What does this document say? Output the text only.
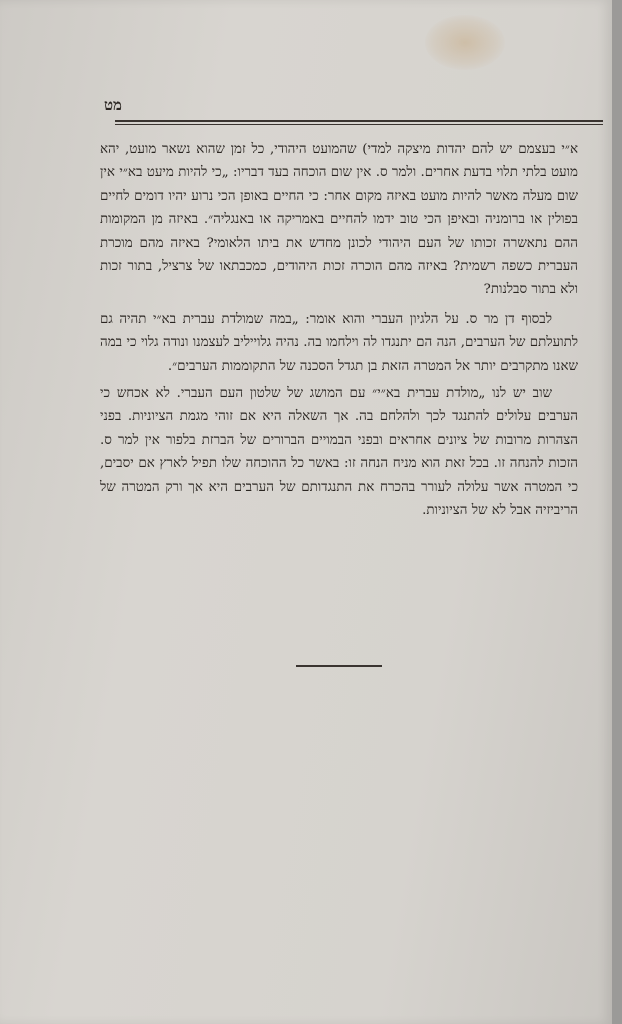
מט

א״י בעצמם יש להם יהדות מיצקה למדי) שהמועט היהודי, כל זמן שהוא נשאר מועט, יהא מועט בלתי תלוי בדעת אחרים. ולמר ס. אין שום הוכחה בעד דבריו: „כי להיות מיעט בא״י אין שום מעלה מאשר להיות מועט באיזה מקום אחר: כי החיים באופן הכי נרוע יהיו דומים לחיים בפולין או ברומניה ובאיפן הכי טוב ידמו להחיים באמריקה או באנגליה״. באיזה מן המקומות ההם נתאשרה זכותו של העם היהודי לכונן מחדש את ביתו הלאומי? באיזה מהם מוכרת העברית כשפה רשמית? באיזה מהם הוכרה זכות היהודים, כמכבתאו של צרציל, בתור זכות ולא בתור סבלנות?

לבסוף דן מר ס. על הלגיון העברי והוא אומר: „במה שמולדת עברית בא״י תהיה גם לתועלתם של הערבים, הנה הם יתנגדו לה וילחמו בה. נהיה גלוייליב לעצמנו ונודה גלוי כי במה שאנו מתקרבים יותר אל המטרה הזאת בן תגדל הסכנה של התקוממות הערבים״.

שוב יש לנו „מולדת עברית בא״י״ עם המושג של שלטון העם העברי. לא אכחש כי הערבים עלולים להתנגד לכך ולהלחם בה. אך השאלה היא אם זוהי מגמת הציוניות. בפני הצהרות מרובות של ציונים אחראים ובפני הבמויים הברורים של הברזת בלפור אין למר ס. הזכות להנחה זו. בכל זאת הוא מניח הנחה זו: באשר כל ההוכחה שלו תפיל לארץ אם יסבים, כי המטרה אשר עלולה לעורר בהכרח את התנגדותם של הערבים היא אך ורק המטרה של הריביזיה אבל לא של הציוניות.
